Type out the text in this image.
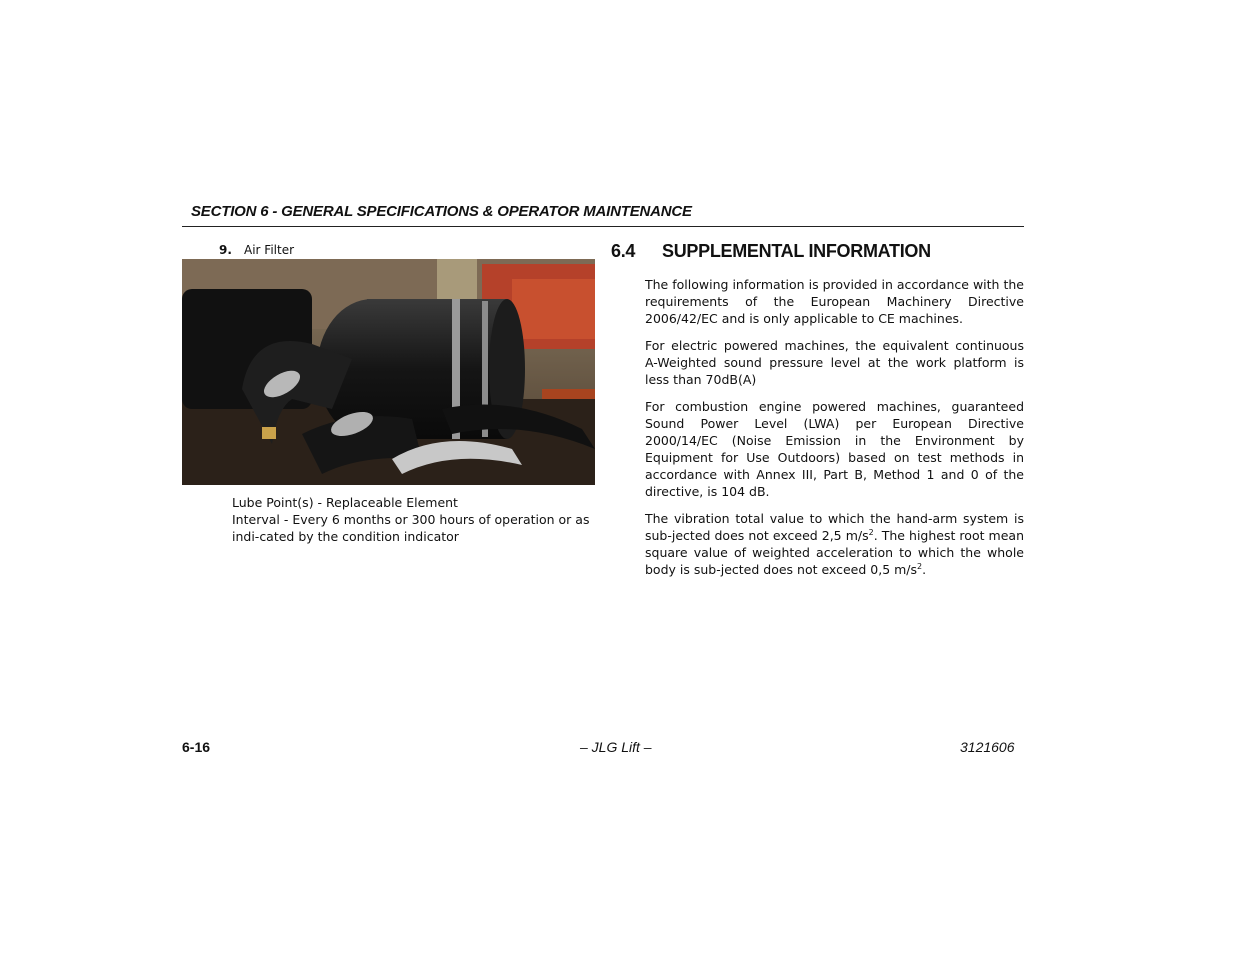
SECTION 6 - GENERAL SPECIFICATIONS & OPERATOR MAINTENANCE
9. Air Filter
Lube Point(s) - Replaceable Element
Interval - Every 6 months or 300 hours of operation or as indi-cated by the condition indicator
6.4 SUPPLEMENTAL INFORMATION

The following information is provided in accordance with the requirements of the European Machinery Directive 2006/42/EC and is only applicable to CE machines.

For electric powered machines, the equivalent continuous A-Weighted sound pressure level at the work platform is less than 70dB(A)

For combustion engine powered machines, guaranteed Sound Power Level (LWA) per European Directive 2000/14/EC (Noise Emission in the Environment by Equipment for Use Outdoors) based on test methods in accordance with Annex III, Part B, Method 1 and 0 of the directive, is 104 dB.

The vibration total value to which the hand-arm system is sub-jected does not exceed 2,5 $m/s^2$. The highest root mean square value of weighted acceleration to which the whole body is sub-jected does not exceed 0,5 $m/s^2$.

6-16	– JLG Lift –	3121606
